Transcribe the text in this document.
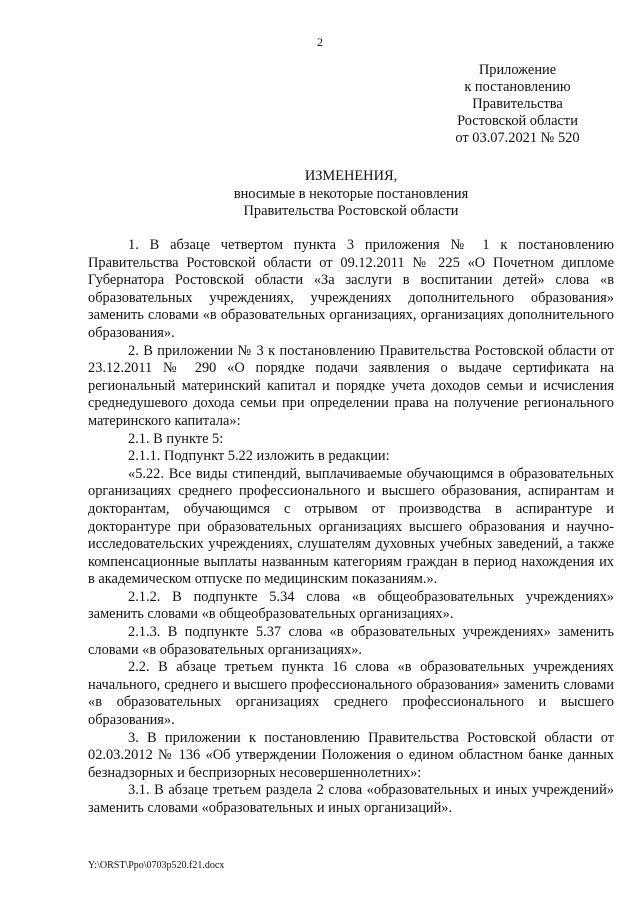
2
Приложение
к постановлению
Правительства
Ростовской области
от 03.07.2021 № 520
ИЗМЕНЕНИЯ,
вносимые в некоторые постановления
Правительства Ростовской области

1. В абзаце четвертом пункта 3 приложения № 1 к постановлению Правительства Ростовской области от 09.12.2011 № 225 «О Почетном дипломе Губернатора Ростовской области «За заслуги в воспитании детей» слова «в образовательных учреждениях, учреждениях дополнительного образования» заменить словами «в образовательных организациях, организациях дополнительного образования».

2. В приложении № 3 к постановлению Правительства Ростовской области от 23.12.2011 № 290 «О порядке подачи заявления о выдаче сертификата на региональный материнский капитал и порядке учета доходов семьи и исчисления среднедушевого дохода семьи при определении права на получение регионального материнского капитала»:

2.1. В пункте 5:

2.1.1. Подпункт 5.22 изложить в редакции:

«5.22. Все виды стипендий, выплачиваемые обучающимся в образовательных организациях среднего профессионального и высшего образования, аспирантам и докторантам, обучающимся с отрывом от производства в аспирантуре и докторантуре при образовательных организациях высшего образования и научно-исследовательских учреждениях, слушателям духовных учебных заведений, а также компенсационные выплаты названным категориям граждан в период нахождения их в академическом отпуске по медицинским показаниям.».

2.1.2. В подпункте 5.34 слова «в общеобразовательных учреждениях» заменить словами «в общеобразовательных организациях».

2.1.3. В подпункте 5.37 слова «в образовательных учреждениях» заменить словами «в образовательных организациях».

2.2. В абзаце третьем пункта 16 слова «в образовательных учреждениях начального, среднего и высшего профессионального образования» заменить словами «в образовательных организациях среднего профессионального и высшего образования».

3. В приложении к постановлению Правительства Ростовской области от 02.03.2012 № 136 «Об утверждении Положения о едином областном банке данных безнадзорных и беспризорных несовершеннолетних»:

3.1. В абзаце третьем раздела 2 слова «образовательных и иных учреждений» заменить словами «образовательных и иных организаций».

Y:\ORST\Ppo\0703p520.f21.docx
